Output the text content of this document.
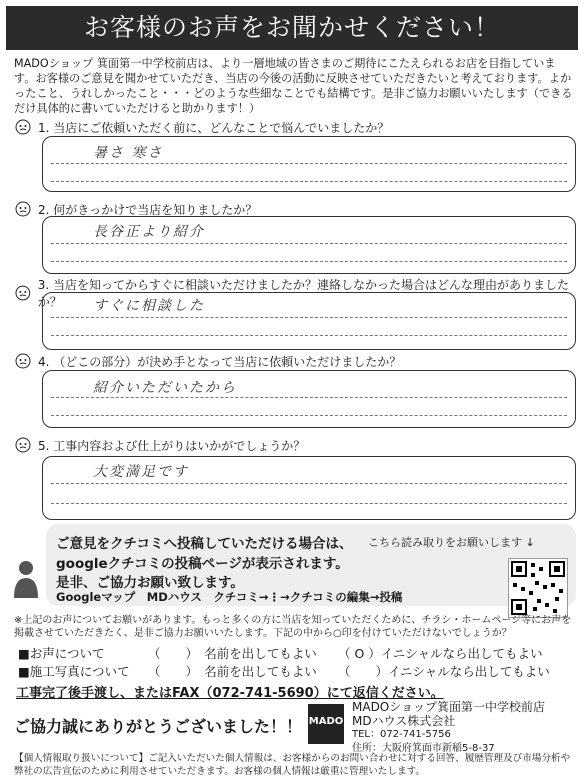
お客様のお声をお聞かせください！
MADOショップ 箕面第一中学校前店は、より一層地域の皆さまのご期待にこたえられるお店を目指しています。お客様のご意見を聞かせていただき、当店の今後の活動に反映させていただきたいと考えております。よかったこと、うれしかったこと・・・どのような些細なことでも結構です。是非ご協力お願いいたします（できるだけ具体的に書いていただけると助かります！）
1. 当店にご依頼いただく前に、どんなことで悩んでいましたか？
暑さ 寒さ
2. 何がきっかけで当店を知りましたか？
長谷正より紹介
3. 当店を知ってからすぐに相談いただけましたか？連絡しなかった場合はどんな理由がありましたか？	すぐに相談した
4. （どこの部分）が決め手となって当店に依頼いただけましたか？
紹介いただいたから
5. 工事内容および仕上がりはいかがでしょうか？
大変満足です
ご意見をクチコミへ投稿していただける場合は、 こちら読み取りをお願いします ↓
googleクチコミの投稿ページが表示されます。
是非、ご協力お願い致します。
Googleマップ　MDハウス　クチコミ→⋮→クチコミの編集→投稿
※上記のお声についてお願いがあります。もっと多くの方に当店を知っていただくために、チラシ・ホームページ等にお声を掲載させていただきたく、是非ご協力お願いいたします。下記の中から○印を付けていただけないでしょうか？
■お声について	（　　）　名前を出してもよい	（ O ）イニシャルなら出してもよい
■施工写真について	（　　）　名前を出してもよい	（　　）イニシャルなら出してもよい
工事完了後手渡し、またはFAX（072-741-5690）にて返信ください。
ご協力誠にありがとうございました！！ MADO
MADOショップ箕面第一中学校前店
MDハウス株式会社
TEL：072-741-5756
住所：大阪府箕面市新稲5-8-37
【個人情報取り扱いについて】ご記入いただいた個人情報は、お客様からのお問い合わせに対する回答、履歴管理及び市場分析や弊社の広告宣伝のために利用させていただきます。お客様の個人情報は厳重に管理いたします。
